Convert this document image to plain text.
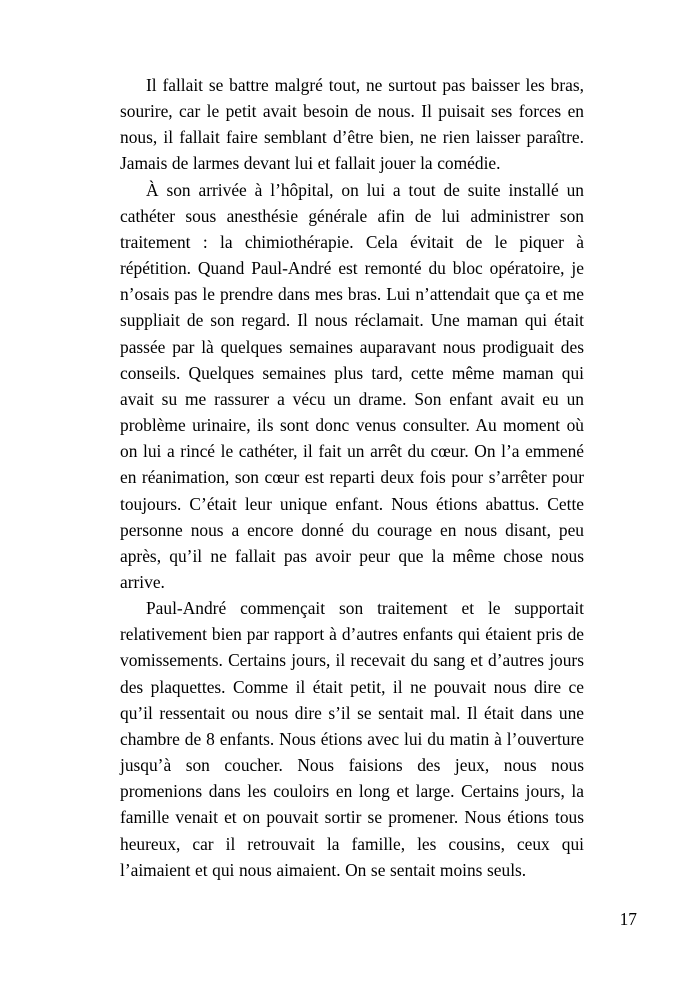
Il fallait se battre malgré tout, ne surtout pas baisser les bras, sourire, car le petit avait besoin de nous. Il puisait ses forces en nous, il fallait faire semblant d’être bien, ne rien laisser paraître. Jamais de larmes devant lui et fallait jouer la comédie.

À son arrivée à l’hôpital, on lui a tout de suite installé un cathéter sous anesthésie générale afin de lui administrer son traitement : la chimiothérapie. Cela évitait de le piquer à répétition. Quand Paul-André est remonté du bloc opératoire, je n’osais pas le prendre dans mes bras. Lui n’attendait que ça et me suppliait de son regard. Il nous réclamait. Une maman qui était passée par là quelques semaines auparavant nous prodiguait des conseils. Quelques semaines plus tard, cette même maman qui avait su me rassurer a vécu un drame. Son enfant avait eu un problème urinaire, ils sont donc venus consulter. Au moment où on lui a rincé le cathéter, il fait un arrêt du cœur. On l’a emmené en réanimation, son cœur est reparti deux fois pour s’arrêter pour toujours. C’était leur unique enfant. Nous étions abattus. Cette personne nous a encore donné du courage en nous disant, peu après, qu’il ne fallait pas avoir peur que la même chose nous arrive.

Paul-André commençait son traitement et le supportait relativement bien par rapport à d’autres enfants qui étaient pris de vomissements. Certains jours, il recevait du sang et d’autres jours des plaquettes. Comme il était petit, il ne pouvait nous dire ce qu’il ressentait ou nous dire s’il se sentait mal. Il était dans une chambre de 8 enfants. Nous étions avec lui du matin à l’ouverture jusqu’à son coucher. Nous faisions des jeux, nous nous promenions dans les couloirs en long et large. Certains jours, la famille venait et on pouvait sortir se promener. Nous étions tous heureux, car il retrouvait la famille, les cousins, ceux qui l’aimaient et qui nous aimaient. On se sentait moins seuls.

17
